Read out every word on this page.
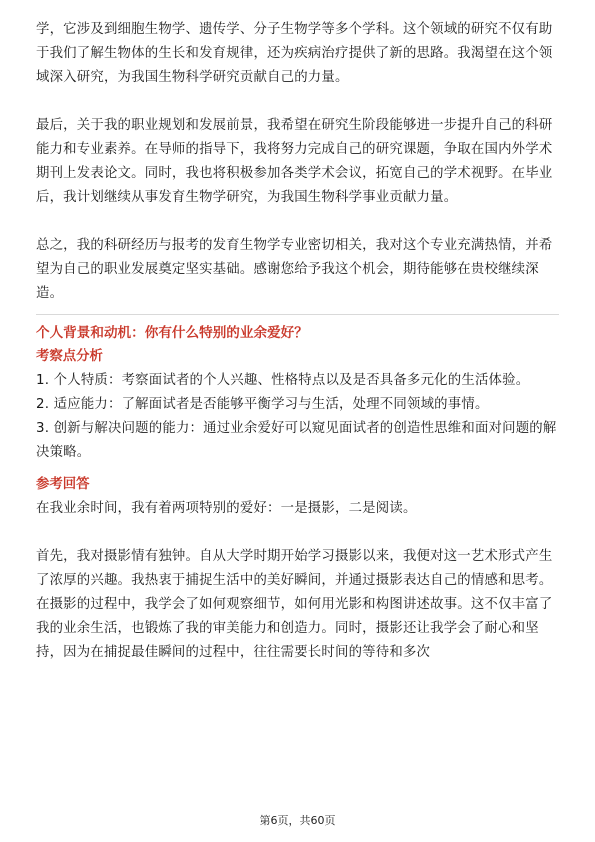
学，它涉及到细胞生物学、遗传学、分子生物学等多个学科。这个领域的研究不仅有助于我们了解生物体的生长和发育规律，还为疾病治疗提供了新的思路。我渴望在这个领域深入研究，为我国生物科学研究贡献自己的力量。

最后，关于我的职业规划和发展前景，我希望在研究生阶段能够进一步提升自己的科研能力和专业素养。在导师的指导下，我将努力完成自己的研究课题，争取在国内外学术期刊上发表论文。同时，我也将积极参加各类学术会议，拓宽自己的学术视野。在毕业后，我计划继续从事发育生物学研究，为我国生物科学事业贡献力量。

总之，我的科研经历与报考的发育生物学专业密切相关，我对这个专业充满热情，并希望为自己的职业发展奠定坚实基础。感谢您给予我这个机会，期待能够在贵校继续深造。

个人背景和动机：你有什么特别的业余爱好？

考察点分析

1. 个人特质：考察面试者的个人兴趣、性格特点以及是否具备多元化的生活体验。

2. 适应能力：了解面试者是否能够平衡学习与生活，处理不同领域的事情。

3. 创新与解决问题的能力：通过业余爱好可以窥见面试者的创造性思维和面对问题的解决策略。

参考回答

在我业余时间，我有着两项特别的爱好：一是摄影，二是阅读。

首先，我对摄影情有独钟。自从大学时期开始学习摄影以来，我便对这一艺术形式产生了浓厚的兴趣。我热衷于捕捉生活中的美好瞬间，并通过摄影表达自己的情感和思考。在摄影的过程中，我学会了如何观察细节，如何用光影和构图讲述故事。这不仅丰富了我的业余生活，也锻炼了我的审美能力和创造力。同时，摄影还让我学会了耐心和坚持，因为在捕捉最佳瞬间的过程中，往往需要长时间的等待和多次

第6页，共60页
